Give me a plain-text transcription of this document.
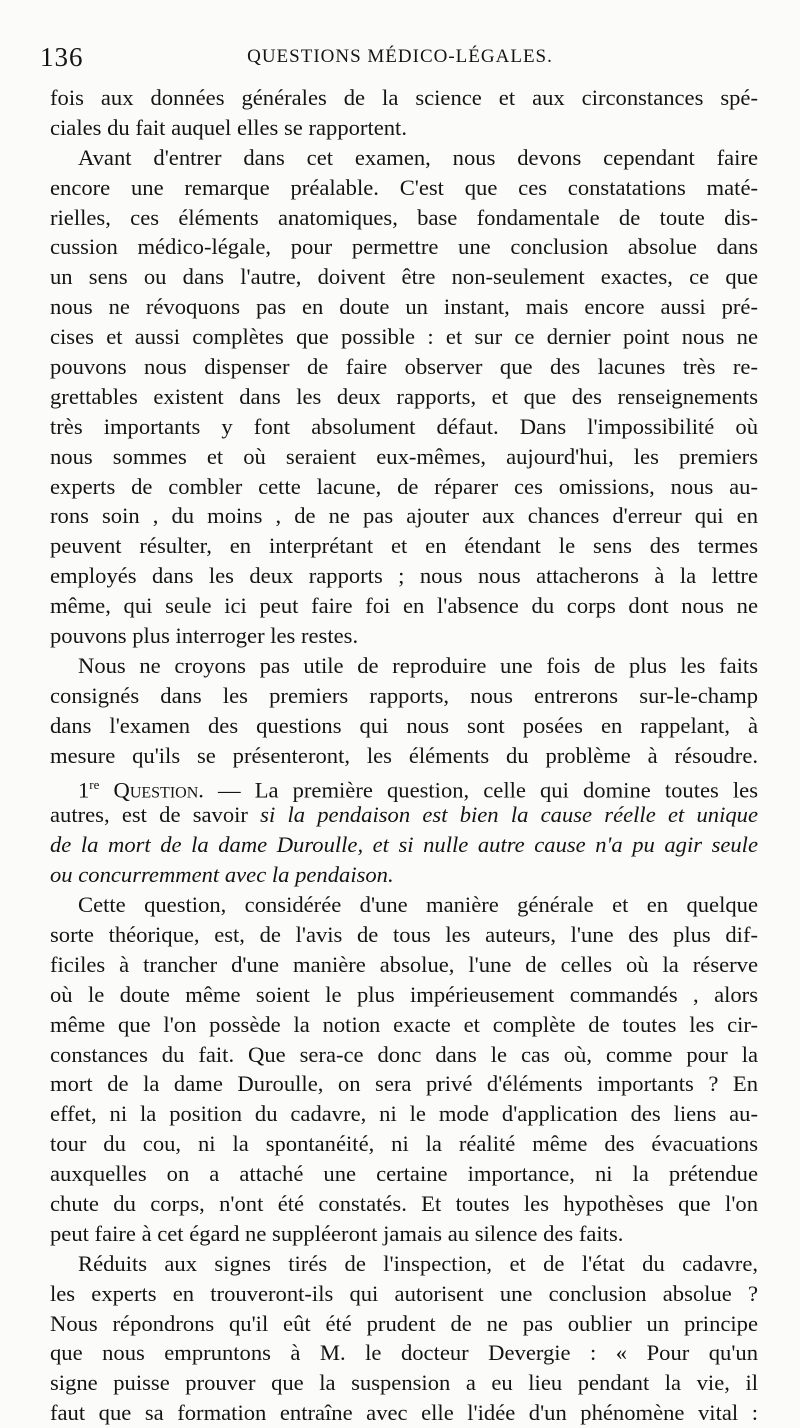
136	QUESTIONS MÉDICO-LÉGALES.
fois aux données générales de la science et aux circonstances spé-
ciales du fait auquel elles se rapportent.
Avant d'entrer dans cet examen, nous devons cependant faire
encore une remarque préalable. C'est que ces constatations maté-
rielles, ces éléments anatomiques, base fondamentale de toute dis-
cussion médico-légale, pour permettre une conclusion absolue dans
un sens ou dans l'autre, doivent être non-seulement exactes, ce que
nous ne révoquons pas en doute un instant, mais encore aussi pré-
cises et aussi complètes que possible : et sur ce dernier point nous ne
pouvons nous dispenser de faire observer que des lacunes très re-
grettables existent dans les deux rapports, et que des renseignements
très importants y font absolument défaut. Dans l'impossibilité où
nous sommes et où seraient eux-mêmes, aujourd'hui, les premiers
experts de combler cette lacune, de réparer ces omissions, nous au-
rons soin , du moins , de ne pas ajouter aux chances d'erreur qui en
peuvent résulter, en interprétant et en étendant le sens des termes
employés dans les deux rapports ; nous nous attacherons à la lettre
même, qui seule ici peut faire foi en l'absence du corps dont nous ne
pouvons plus interroger les restes.
Nous ne croyons pas utile de reproduire une fois de plus les faits
consignés dans les premiers rapports, nous entrerons sur-le-champ
dans l'examen des questions qui nous sont posées en rappelant, à
mesure qu'ils se présenteront, les éléments du problème à résoudre.
1re Question. — La première question, celle qui domine toutes les
autres, est de savoir si la pendaison est bien la cause réelle et unique
de la mort de la dame Duroulle, et si nulle autre cause n'a pu agir seule
ou concurremment avec la pendaison.
Cette question, considérée d'une manière générale et en quelque
sorte théorique, est, de l'avis de tous les auteurs, l'une des plus dif-
ficiles à trancher d'une manière absolue, l'une de celles où la réserve
où le doute même soient le plus impérieusement commandés , alors
même que l'on possède la notion exacte et complète de toutes les cir-
constances du fait. Que sera-ce donc dans le cas où, comme pour la
mort de la dame Duroulle, on sera privé d'éléments importants ? En
effet, ni la position du cadavre, ni le mode d'application des liens au-
tour du cou, ni la spontanéité, ni la réalité même des évacuations
auxquelles on a attaché une certaine importance, ni la prétendue
chute du corps, n'ont été constatés. Et toutes les hypothèses que l'on
peut faire à cet égard ne suppléeront jamais au silence des faits.
Réduits aux signes tirés de l'inspection, et de l'état du cadavre,
les experts en trouveront-ils qui autorisent une conclusion absolue ?
Nous répondrons qu'il eût été prudent de ne pas oublier un principe
que nous empruntons à M. le docteur Devergie : « Pour qu'un
signe puisse prouver que la suspension a eu lieu pendant la vie, il
faut que sa formation entraîne avec elle l'idée d'un phénomène vital :
